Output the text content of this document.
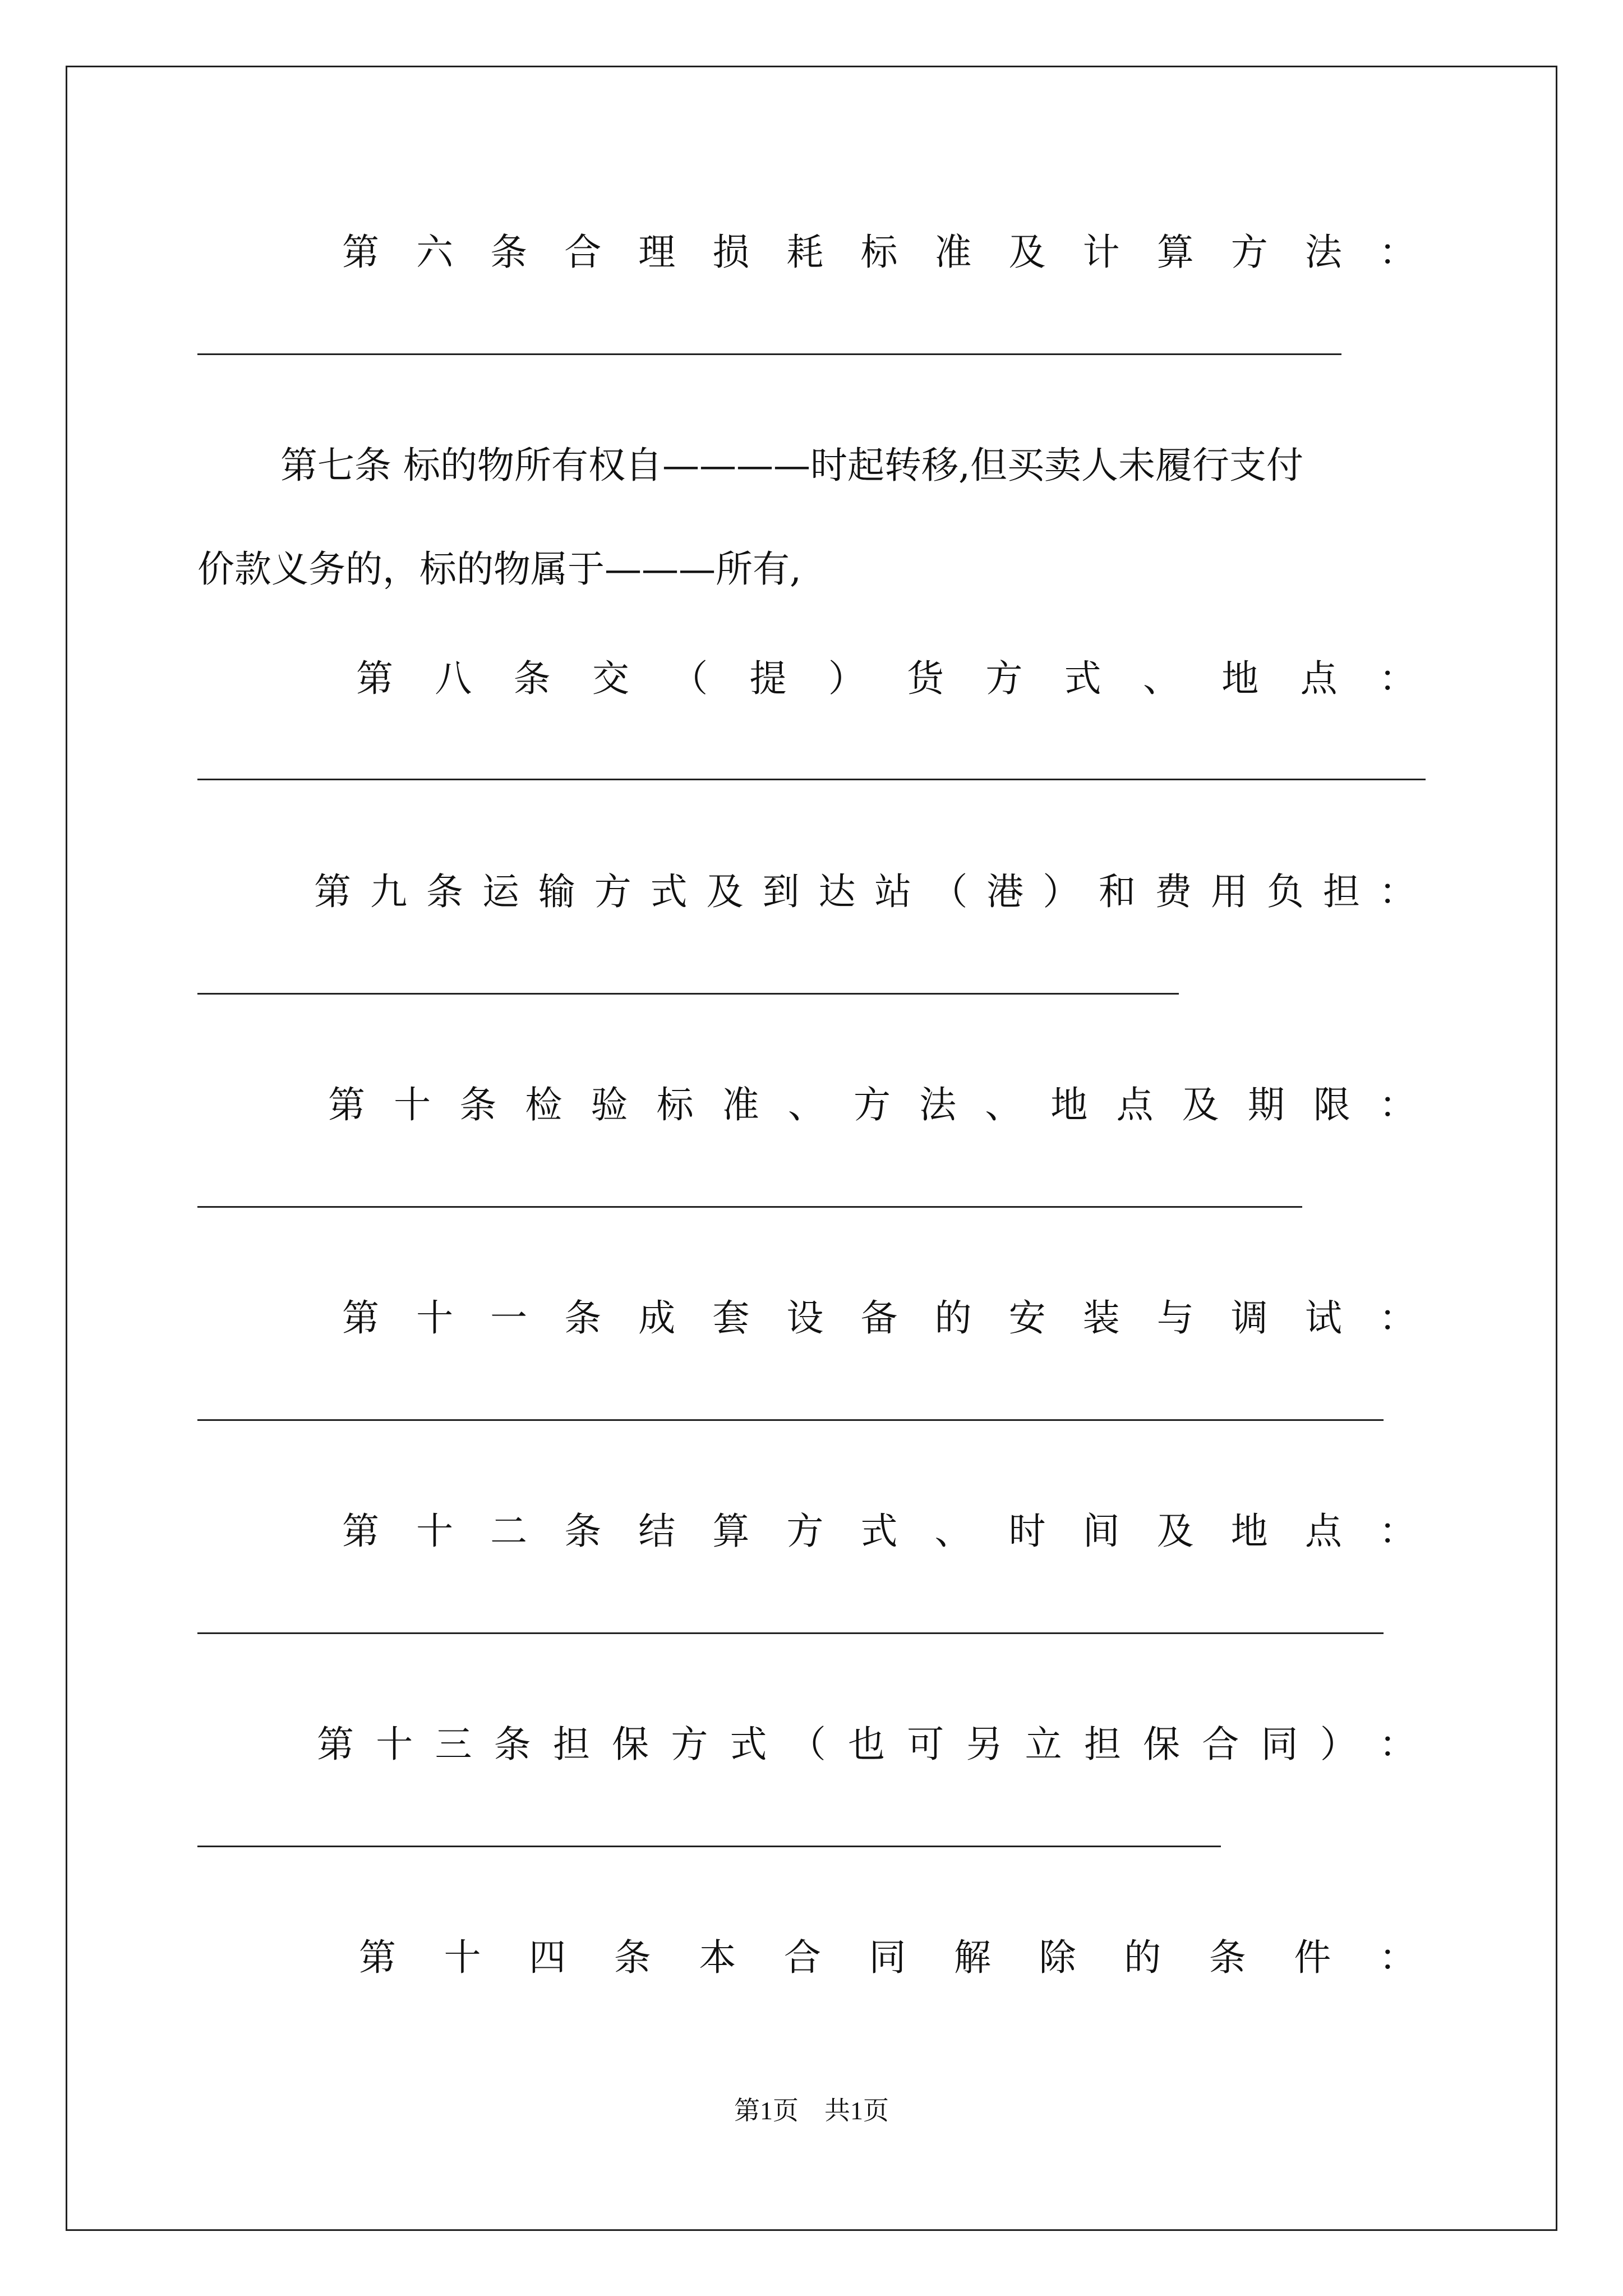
第 六 条 合 理 损 耗 标 准 及 计 算 方 法 ：
第七条 标的物所有权自————时起转移,但买卖人未履行支付
价款义务的，标的物属于———所有,
第 八 条 交 （ 提 ） 货 方 式 、 地 点 ：
第 九 条 运 输 方 式 及 到 达 站 （ 港 ） 和 费 用 负 担 ：
第 十 条 检 验 标 准 、 方 法 、 地 点 及 期 限 ：
第 十 一 条 成 套 设 备 的 安 装 与 调 试 ：
第 十 二 条 结 算 方 式 、 时 间 及 地 点 ：
第 十 三 条 担 保 方 式 （ 也 可 另 立 担 保 合 同 ） ：
第 十 四 条 本 合 同 解 除 的 条 件 ：
第1页　共1页
